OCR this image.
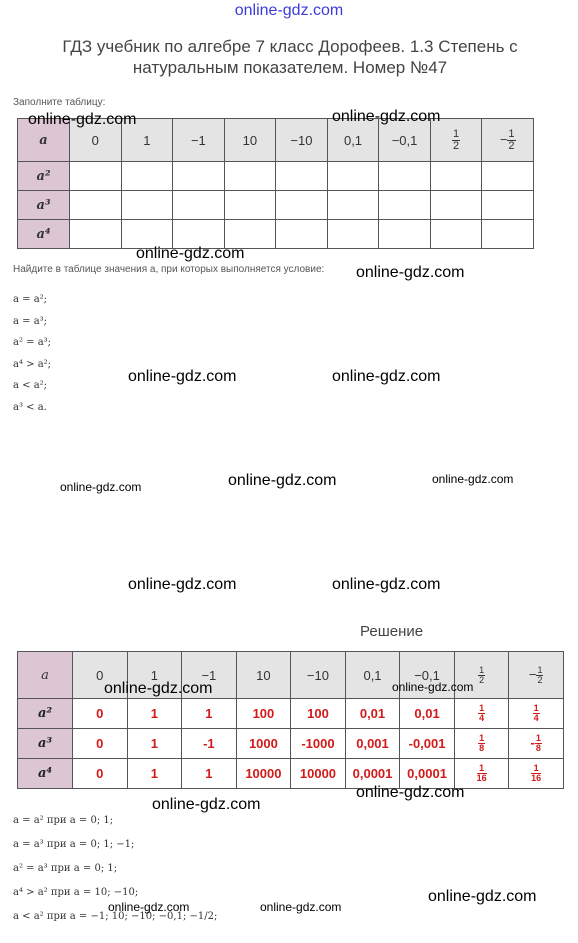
online-gdz.com
ГДЗ учебник по алгебре 7 класс Дорофеев. 1.3 Степень с натуральным показателем. Номер №47
Заполните таблицу:
a	0	1	−1	10	−10	0,1	−0,1	$\frac{1}{2}$	− $\frac{1}{2}$

a²									
a³									
a⁴									
Найдите в таблице значения a, при которых выполняется условие:
a = a²;
a = a³;
a² = a³;
a⁴ > a²;
a < a²;
a³ < a.
Решение
a	0	1	−1	10	−10	0,1	−0,1	$\frac{1}{2}$	− $\frac{1}{2}$

a²	0	1	1	100	100	0,01	0,01	$\frac{1}{4}$	$\frac{1}{4}$

a³	0	1	-1	1000	-1000	0,001	-0,001	$\frac{1}{8}$	- $\frac{1}{8}$

a⁴	0	1	1	10000	10000	0,0001	0,0001	$\frac{1}{16}$	$\frac{1}{16}$
a = a² при a = 0; 1;
a = a³ при a = 0; 1; −1;
a² = a³ при a = 0; 1;
a⁴ > a² при a = 10; −10;
a < a² при a = −1; 10; −10; −0,1; −1/2;
online-gdz.com	online-gdz.com
online-gdz.com
online-gdz.com
online-gdz.com	online-gdz.com
online-gdz.com	online-gdz.com	online-gdz.com
online-gdz.com	online-gdz.com
online-gdz.com	online-gdz.com
online-gdz.com
online-gdz.com
online-gdz.com	online-gdz.com
online-gdz.com
